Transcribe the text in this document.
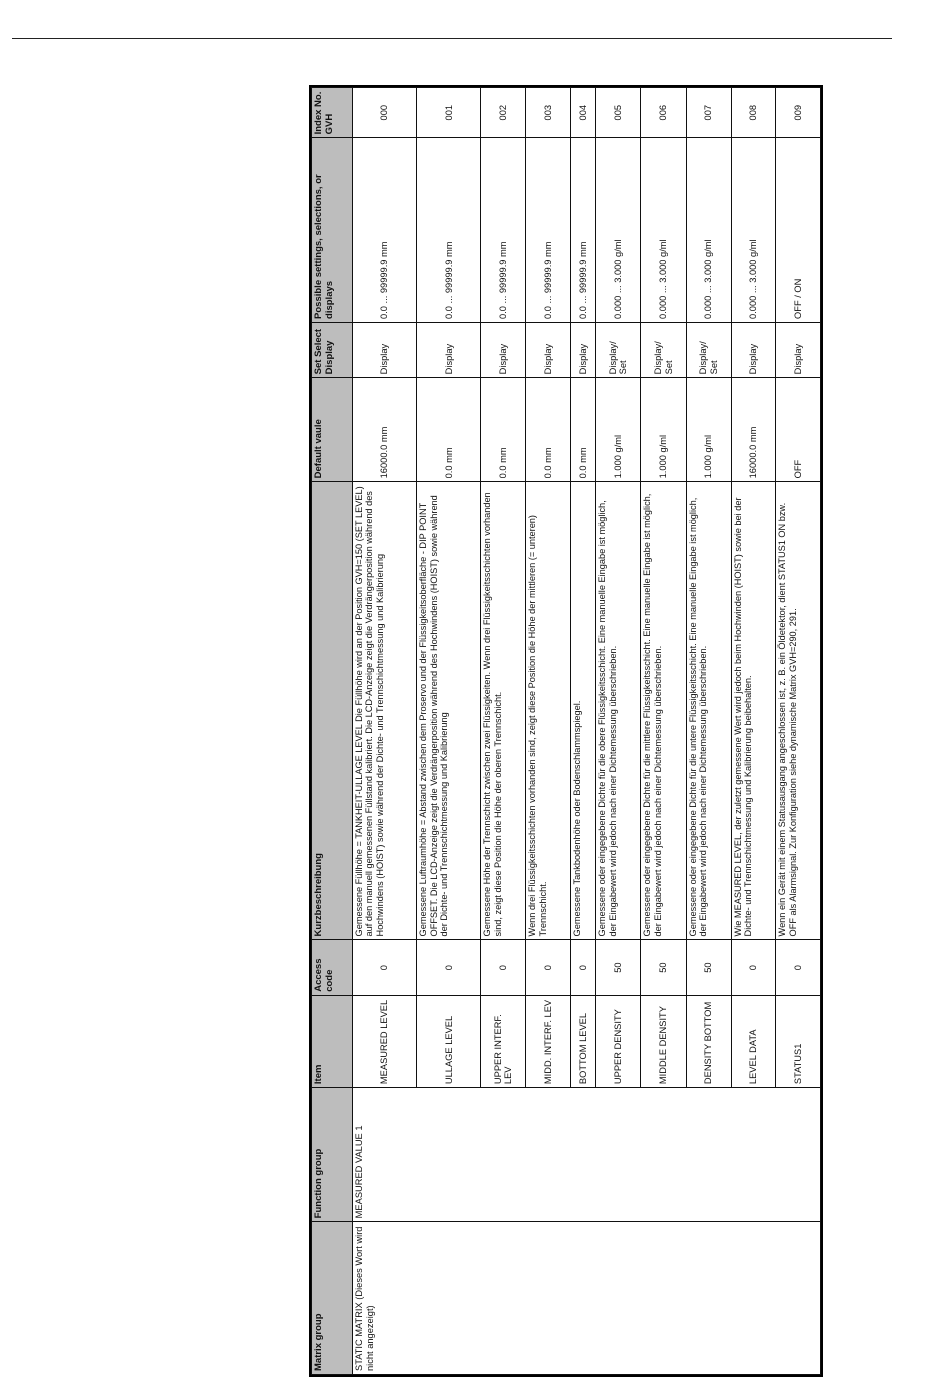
Matrix group	Function group	Item	Access code	Kurzbeschreibung	Default vaule	Set Select Display	Possible settings, selections, or displays	Index No. GVH
STATIC MATRIX (Dieses Wort wird nicht angezeigt)	MEASURED VALUE 1	MEASURED LEVEL	0	Gemessene Füllhöhe = TANKHEIT-ULLAGE LEVEL Die Füllhöhe wird an der Position GVH=150 (SET LEVEL) auf den manuell gemessenen Füllstand kalibriert. Die LCD-Anzeige zeigt die Verdrängerposition während des Hochwindens (HOIST) sowie während der Dichte- und Trennschichtmessung und Kalibrierung	16000.0 mm	Display	0.0 ... 99999.9 mm	000
		ULLAGE LEVEL	0	Gemessene Luftraumhöhe = Abstand zwischen dem Proservo und der Flüssigkeitsoberfläche - DIP POINT OFFSET. Die LCD-Anzeige zeigt die Verdrängerposition während des Hochwindens (HOIST) sowie während der Dichte- und Trennschichtmessung und Kalibrierung	0.0 mm	Display	0.0 ... 99999.9 mm	001
		UPPER INTERF. LEV	0	Gemessene Höhe der Trennschicht zwischen zwei Flüssigkeiten. Wenn drei Flüssigkeitsschichten vorhanden sind, zeigt diese Position die Höhe der oberen Trennschicht.	0.0 mm	Display	0.0 ... 99999.9 mm	002
		MIDD. INTERF. LEV	0	Wenn drei Flüssigkeitsschichten vorhanden sind, zeigt diese Position die Höhe der mittleren (= unteren) Trennschicht.	0.0 mm	Display	0.0 ... 99999.9 mm	003
		BOTTOM LEVEL	0	Gemessene Tankbodenhöhe oder Bodenschlammspiegel.	0.0 mm	Display	0.0 ... 99999.9 mm	004
		UPPER DENSITY	50	Gemessene oder eingegebene Dichte für die obere Flüssigkeitsschicht. Eine manuelle Eingabe ist möglich, der Eingabewert wird jedoch nach einer Dichtemessung überschrieben.	1.000 g/ml	Display/ Set	0.000 ... 3.000 g/ml	005
		MIDDLE DENSITY	50	Gemessene oder eingegebene Dichte für die mittlere Flüssigkeitsschicht. Eine manuelle Eingabe ist möglich, der Eingabewert wird jedoch nach einer Dichtemessung überschrieben.	1.000 g/ml	Display/ Set	0.000 ... 3.000 g/ml	006
		DENSITY BOTTOM	50	Gemessene oder eingegebene Dichte für die untere Flüssigkeitsschicht. Eine manuelle Eingabe ist möglich, der Eingabewert wird jedoch nach einer Dichtemessung überschrieben.	1.000 g/ml	Display/ Set	0.000 ... 3.000 g/ml	007
		LEVEL DATA	0	Wie MEASURED LEVEL, der zuletzt gemessene Wert wird jedoch beim Hochwinden (HOIST) sowie bei der Dichte- und Trennschichtmessung und Kalibrierung beibehalten.	16000.0 mm	Display	0.000 ... 3.000 g/ml	008
		STATUS1	0	Wenn ein Gerät mit einem Statusausgang angeschlossen ist, z. B. ein Öldetektor, dient STATUS1 ON bzw. OFF als Alarmsignal. Zur Konfiguration siehe dynamische Matrix GVH=290, 291.	OFF	Display	OFF / ON	009
